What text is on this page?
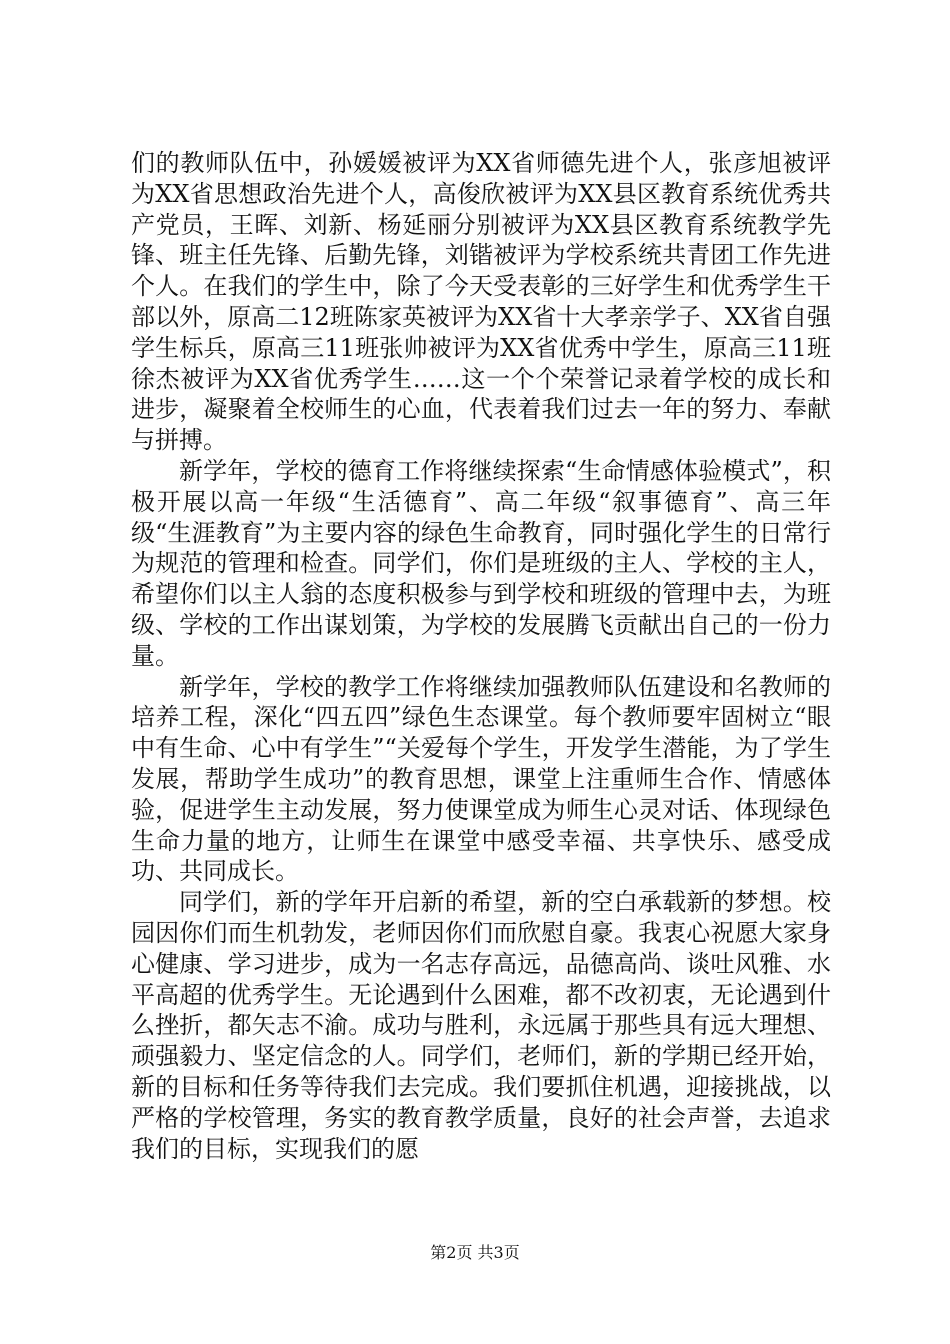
们的教师队伍中，孙媛媛被评为XX省师德先进个人，张彦旭被评为XX省思想政治先进个人，高俊欣被评为XX县区教育系统优秀共产党员，王晖、刘新、杨延丽分别被评为XX县区教育系统教学先锋、班主任先锋、后勤先锋，刘锴被评为学校系统共青团工作先进个人。在我们的学生中，除了今天受表彰的三好学生和优秀学生干部以外，原高二12班陈家英被评为XX省十大孝亲学子、XX省自强学生标兵，原高三11班张帅被评为XX省优秀中学生，原高三11班徐杰被评为XX省优秀学生……这一个个荣誉记录着学校的成长和进步，凝聚着全校师生的心血，代表着我们过去一年的努力、奉献与拼搏。

新学年，学校的德育工作将继续探索“生命情感体验模式”，积极开展以高一年级“生活德育”、高二年级“叙事德育”、高三年级“生涯教育”为主要内容的绿色生命教育，同时强化学生的日常行为规范的管理和检查。同学们，你们是班级的主人、学校的主人，希望你们以主人翁的态度积极参与到学校和班级的管理中去，为班级、学校的工作出谋划策，为学校的发展腾飞贡献出自己的一份力量。

新学年，学校的教学工作将继续加强教师队伍建设和名教师的培养工程，深化“四五四”绿色生态课堂。每个教师要牢固树立“眼中有生命、心中有学生”“关爱每个学生，开发学生潜能，为了学生发展，帮助学生成功”的教育思想，课堂上注重师生合作、情感体验，促进学生主动发展，努力使课堂成为师生心灵对话、体现绿色生命力量的地方，让师生在课堂中感受幸福、共享快乐、感受成功、共同成长。

同学们，新的学年开启新的希望，新的空白承载新的梦想。校园因你们而生机勃发，老师因你们而欣慰自豪。我衷心祝愿大家身心健康、学习进步，成为一名志存高远，品德高尚、谈吐风雅、水平高超的优秀学生。无论遇到什么困难，都不改初衷，无论遇到什么挫折，都矢志不渝。成功与胜利，永远属于那些具有远大理想、顽强毅力、坚定信念的人。同学们，老师们，新的学期已经开始，新的目标和任务等待我们去完成。我们要抓住机遇，迎接挑战，以严格的学校管理，务实的教育教学质量，良好的社会声誉，去追求我们的目标，实现我们的愿

第2页 共3页
